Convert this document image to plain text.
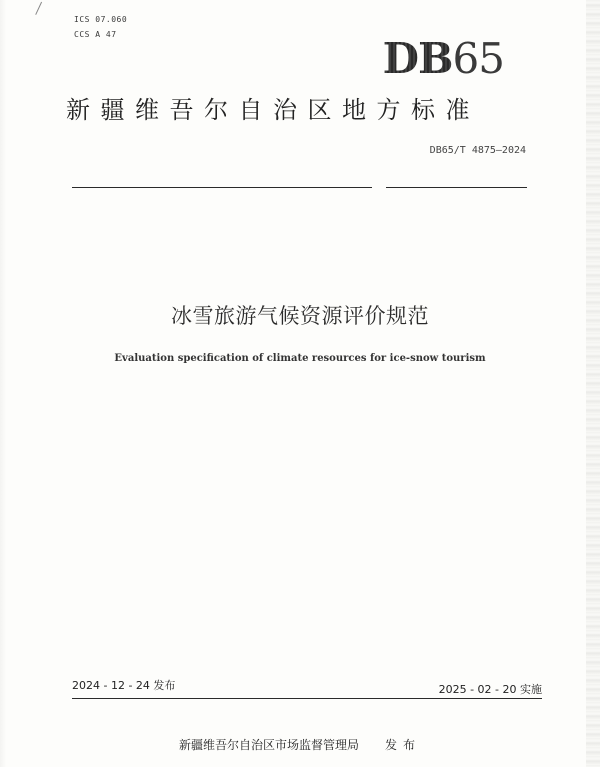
ICS 07.060
CCS A 47	DB65
新疆维吾尔自治区地方标准
DB65/T 4875—2024
冰雪旅游气候资源评价规范
Evaluation specification of climate resources for ice-snow tourism
2024 - 12 - 24 发布	2025 - 02 - 20 实施
新疆维吾尔自治区市场监督管理局 发布
